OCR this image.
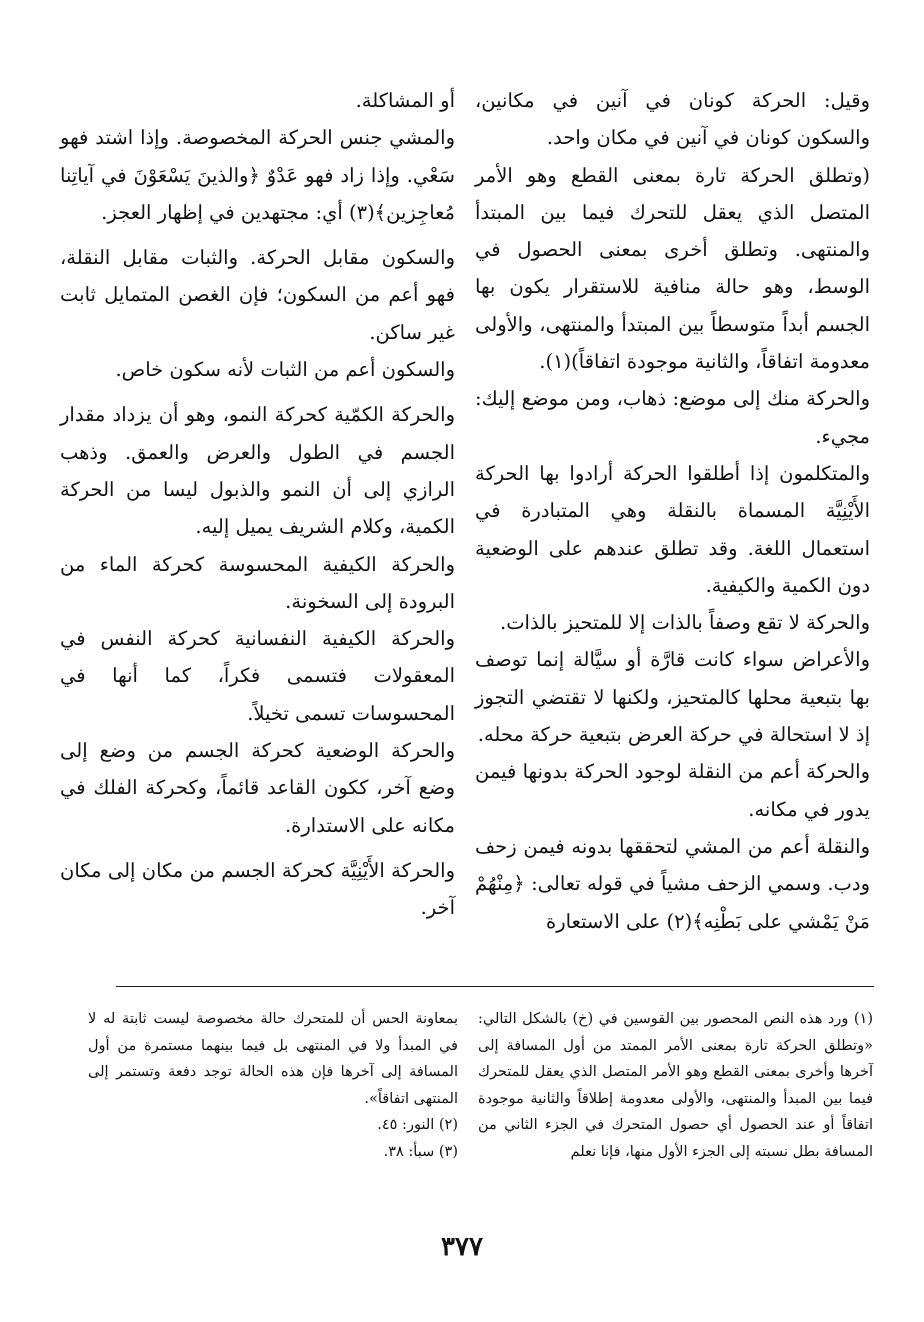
وقيل: الحركة كونان في آنين في مكانين، والسكون كونان في آنين في مكان واحد.

(وتطلق الحركة تارة بمعنى القطع وهو الأمر المتصل الذي يعقل للتحرك فيما بين المبتدأ والمنتهى. وتطلق أخرى بمعنى الحصول في الوسط، وهو حالة منافية للاستقرار يكون بها الجسم أبداً متوسطاً بين المبتدأ والمنتهى، والأولى معدومة اتفاقاً، والثانية موجودة اتفاقاً)(١).

والحركة منك إلى موضع: ذهاب، ومن موضع إليك: مجيء.

والمتكلمون إذا أطلقوا الحركة أرادوا بها الحركة الأَيْنِيَّة المسماة بالنقلة وهي المتبادرة في استعمال اللغة. وقد تطلق عندهم على الوضعية دون الكمية والكيفية.

والحركة لا تقع وصفاً بالذات إلا للمتحيز بالذات.

والأعراض سواء كانت قارَّة أو سيَّالة إنما توصف بها بتبعية محلها كالمتحيز، ولكنها لا تقتضي التجوز إذ لا استحالة في حركة العرض بتبعية حركة محله.

والحركة أعم من النقلة لوجود الحركة بدونها فيمن يدور في مكانه.

والنقلة أعم من المشي لتحققها بدونه فيمن زحف ودب. وسمي الزحف مشياً في قوله تعالى: ﴿مِنْهُمْ مَنْ يَمْشي على بَطْنِه﴾(٢) على الاستعارة

أو المشاكلة.

والمشي جنس الحركة المخصوصة. وإذا اشتد فهو سَعْي. وإذا زاد فهو عَدْوٌ ﴿والذينَ يَسْعَوْنَ في آياتِنا مُعاجِزين﴾(٣) أي: مجتهدين في إظهار العجز.

والسكون مقابل الحركة. والثبات مقابل النقلة، فهو أعم من السكون؛ فإن الغصن المتمايل ثابت غير ساكن.

والسكون أعم من الثبات لأنه سكون خاص.

والحركة الكمّية كحركة النمو، وهو أن يزداد مقدار الجسم في الطول والعرض والعمق. وذهب الرازي إلى أن النمو والذبول ليسا من الحركة الكمية، وكلام الشريف يميل إليه.

والحركة الكيفية المحسوسة كحركة الماء من البرودة إلى السخونة.

والحركة الكيفية النفسانية كحركة النفس في المعقولات فتسمى فكراً، كما أنها في المحسوسات تسمى تخيلاً.

والحركة الوضعية كحركة الجسم من وضع إلى وضع آخر، ككون القاعد قائماً، وكحركة الفلك في مكانه على الاستدارة.

والحركة الأَيْنِيَّة كحركة الجسم من مكان إلى مكان آخر.

(١) ورد هذه النص المحصور بين القوسين في (خ) بالشكل التالي: «وتطلق الحركة تارة بمعنى الأمر الممتد من أول المسافة إلى آخرها وأخرى بمعنى القطع وهو الأمر المتصل الذي يعقل للمتحرك فيما بين المبدأ والمنتهى، والأولى معدومة إطلاقاً والثانية موجودة اتفاقاً أو عند الحصول أي حصول المتحرك في الجزء الثاني من المسافة بطل نسبته إلى الجزء الأول منها، فإنا نعلم

بمعاونة الحس أن للمتحرك حالة مخصوصة ليست ثابتة له لا في المبدأ ولا في المنتهى بل فيما بينهما مستمرة من أول المسافة إلى آخرها فإن هذه الحالة توجد دفعة وتستمر إلى المنتهى اتفاقاً».

(٢) النور: ٤٥.

(٣) سبأ: ٣٨.

٣٧٧
